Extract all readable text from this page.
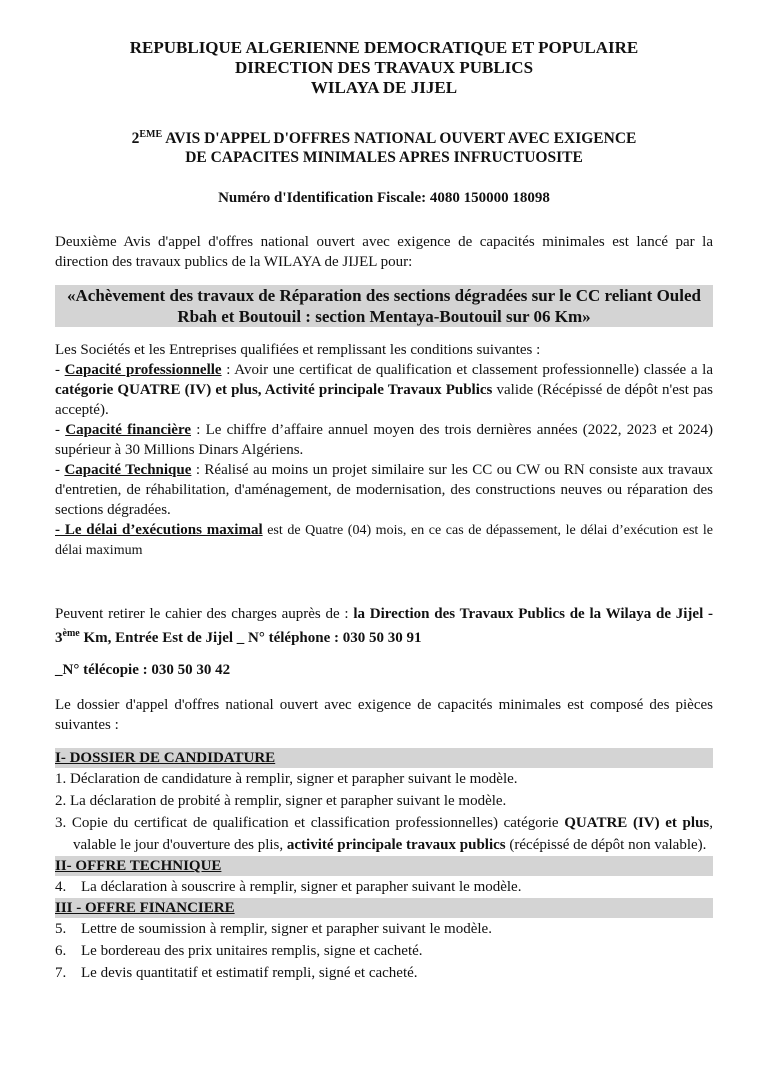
REPUBLIQUE ALGERIENNE DEMOCRATIQUE ET POPULAIRE
DIRECTION DES TRAVAUX PUBLICS
WILAYA DE JIJEL
2EME AVIS D'APPEL D'OFFRES NATIONAL OUVERT AVEC EXIGENCE
DE CAPACITES MINIMALES APRES INFRUCTUOSITE
Numéro d'Identification Fiscale: 4080 150000 18098
Deuxième Avis d'appel d'offres national ouvert avec exigence de capacités minimales est lancé par la direction des travaux publics de la WILAYA de JIJEL pour:
«Achèvement des travaux de Réparation des sections dégradées sur le CC reliant Ouled Rbah et Boutouil : section Mentaya-Boutouil sur 06 Km»
Les Sociétés et les Entreprises qualifiées et remplissant les conditions suivantes :
- Capacité professionnelle : Avoir une certificat de qualification et classement professionnelle) classée a la catégorie QUATRE (IV) et plus, Activité principale Travaux Publics valide (Récépissé de dépôt n'est pas accepté).
- Capacité financière : Le chiffre d’affaire annuel moyen des trois dernières années (2022, 2023 et 2024) supérieur à 30 Millions Dinars Algériens.
- Capacité Technique : Réalisé au moins un projet similaire sur les CC ou CW ou RN consiste aux travaux d'entretien, de réhabilitation, d'aménagement, de modernisation, des constructions neuves ou réparation des sections dégradées.
- Le délai d’exécutions maximal est de Quatre (04) mois, en ce cas de dépassement, le délai d’exécution est le délai maximum
Peuvent retirer le cahier des charges auprès de : la Direction des Travaux Publics de la Wilaya de Jijel - 3ème Km, Entrée Est de Jijel _ N° téléphone : 030 50 30 91
_N° télécopie : 030 50 30 42
Le dossier d'appel d'offres national ouvert avec exigence de capacités minimales est composé des pièces suivantes :
I- DOSSIER DE CANDIDATURE
1. Déclaration de candidature à remplir, signer et parapher suivant le modèle.
2. La déclaration de probité à remplir, signer et parapher suivant le modèle.
3. Copie du certificat de qualification et classification professionnelles) catégorie QUATRE (IV) et plus, valable le jour d'ouverture des plis, activité principale travaux publics (récépissé de dépôt non valable).
II- OFFRE TECHNIQUE
4. La déclaration à souscrire à remplir, signer et parapher suivant le modèle.
III - OFFRE FINANCIERE
5. Lettre de soumission à remplir, signer et parapher suivant le modèle.
6. Le bordereau des prix unitaires remplis, signe et cacheté.
7. Le devis quantitatif et estimatif rempli, signé et cacheté.
